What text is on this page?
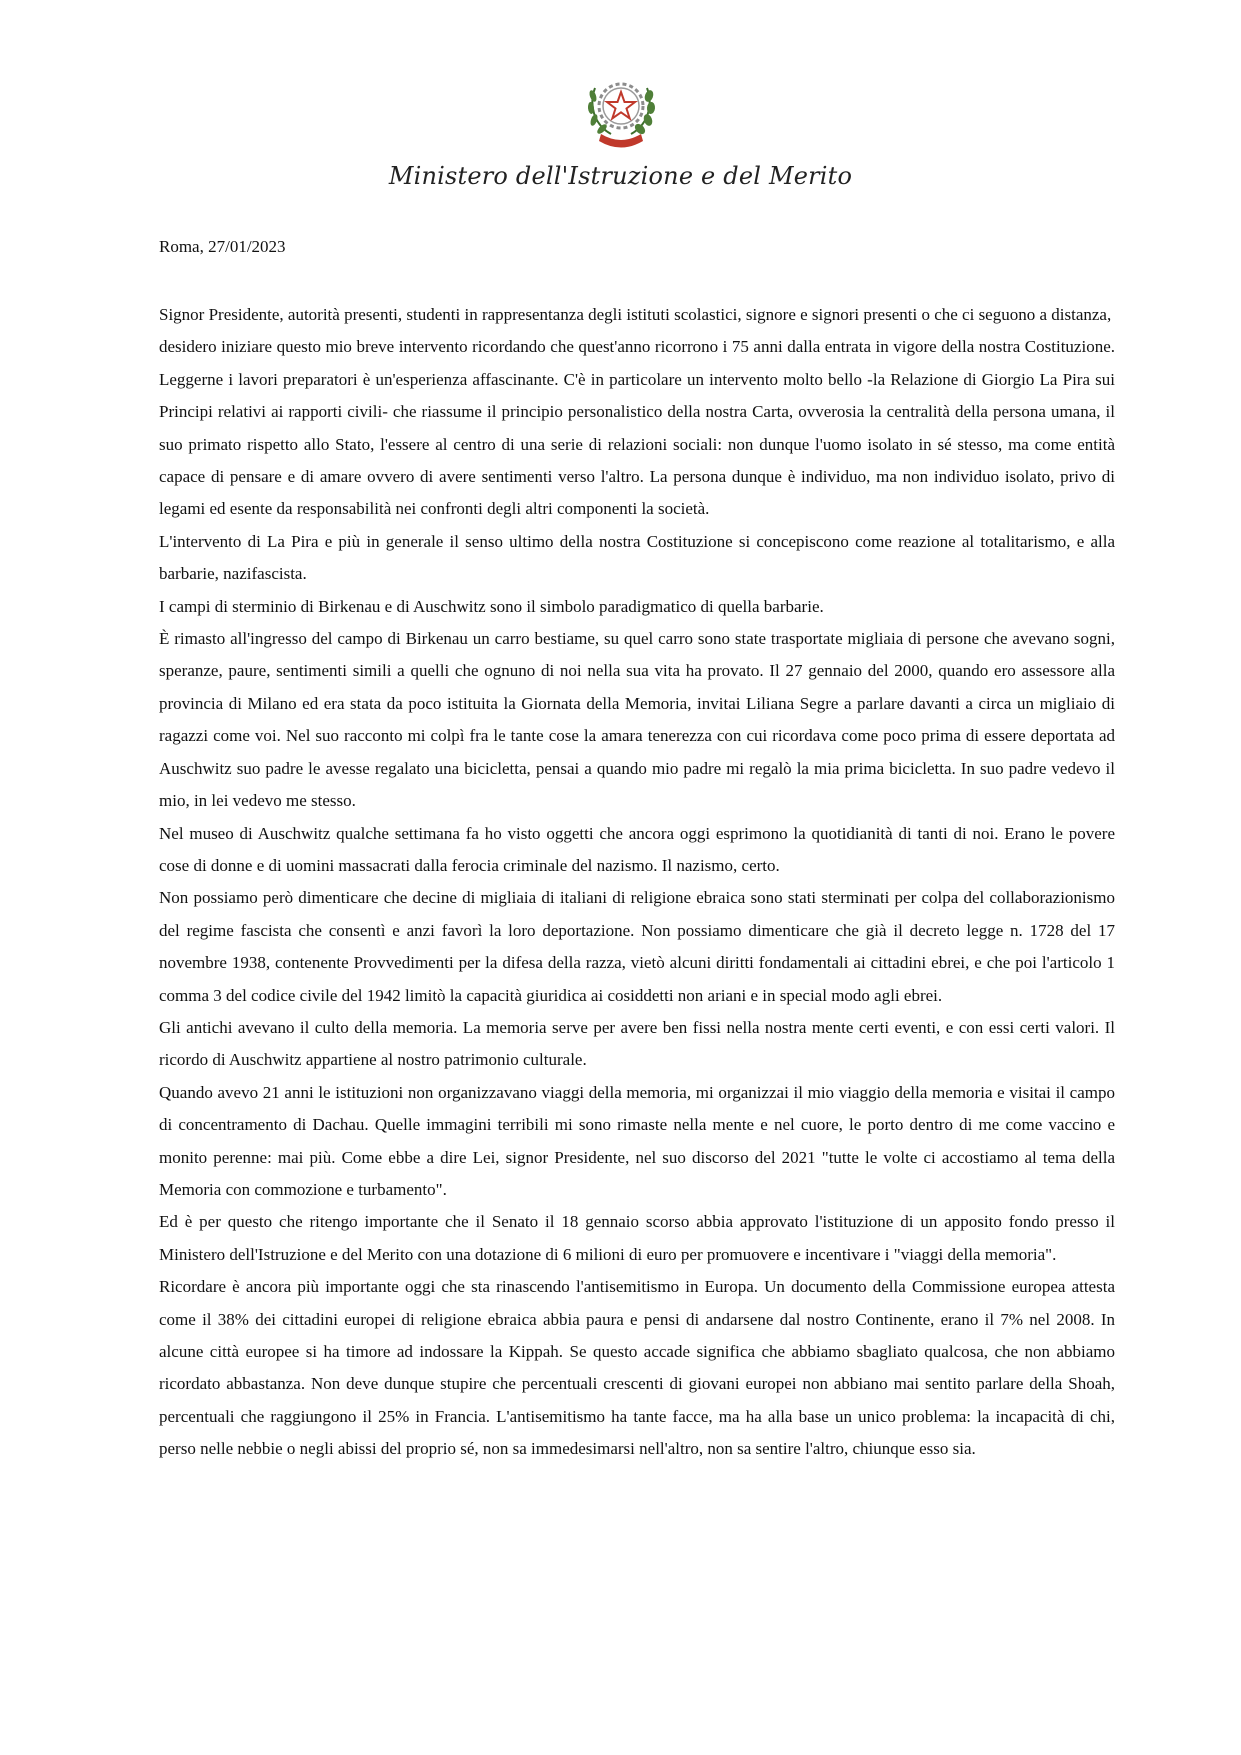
Ministero dell'Istruzione e del Merito
Roma, 27/01/2023

Signor Presidente, autorità presenti, studenti in rappresentanza degli istituti scolastici, signore e signori presenti o che ci seguono a distanza,

desidero iniziare questo mio breve intervento ricordando che quest'anno ricorrono i 75 anni dalla entrata in vigore della nostra Costituzione. Leggerne i lavori preparatori è un'esperienza affascinante. C'è in particolare un intervento molto bello -la Relazione di Giorgio La Pira sui Principi relativi ai rapporti civili- che riassume il principio personalistico della nostra Carta, ovverosia la centralità della persona umana, il suo primato rispetto allo Stato, l'essere al centro di una serie di relazioni sociali: non dunque l'uomo isolato in sé stesso, ma come entità capace di pensare e di amare ovvero di avere sentimenti verso l'altro. La persona dunque è individuo, ma non individuo isolato, privo di legami ed esente da responsabilità nei confronti degli altri componenti la società.

L'intervento di La Pira e più in generale il senso ultimo della nostra Costituzione si concepiscono come reazione al totalitarismo, e alla barbarie, nazifascista.

I campi di sterminio di Birkenau e di Auschwitz sono il simbolo paradigmatico di quella barbarie.

È rimasto all'ingresso del campo di Birkenau un carro bestiame, su quel carro sono state trasportate migliaia di persone che avevano sogni, speranze, paure, sentimenti simili a quelli che ognuno di noi nella sua vita ha provato. Il 27 gennaio del 2000, quando ero assessore alla provincia di Milano ed era stata da poco istituita la Giornata della Memoria, invitai Liliana Segre a parlare davanti a circa un migliaio di ragazzi come voi. Nel suo racconto mi colpì fra le tante cose la amara tenerezza con cui ricordava come poco prima di essere deportata ad Auschwitz suo padre le avesse regalato una bicicletta, pensai a quando mio padre mi regalò la mia prima bicicletta. In suo padre vedevo il mio, in lei vedevo me stesso.

Nel museo di Auschwitz qualche settimana fa ho visto oggetti che ancora oggi esprimono la quotidianità di tanti di noi. Erano le povere cose di donne e di uomini massacrati dalla ferocia criminale del nazismo. Il nazismo, certo.

Non possiamo però dimenticare che decine di migliaia di italiani di religione ebraica sono stati sterminati per colpa del collaborazionismo del regime fascista che consentì e anzi favorì la loro deportazione. Non possiamo dimenticare che già il decreto legge n. 1728 del 17 novembre 1938, contenente Provvedimenti per la difesa della razza, vietò alcuni diritti fondamentali ai cittadini ebrei, e che poi l'articolo 1 comma 3 del codice civile del 1942 limitò la capacità giuridica ai cosiddetti non ariani e in special modo agli ebrei.

Gli antichi avevano il culto della memoria. La memoria serve per avere ben fissi nella nostra mente certi eventi, e con essi certi valori. Il ricordo di Auschwitz appartiene al nostro patrimonio culturale.

Quando avevo 21 anni le istituzioni non organizzavano viaggi della memoria, mi organizzai il mio viaggio della memoria e visitai il campo di concentramento di Dachau. Quelle immagini terribili mi sono rimaste nella mente e nel cuore, le porto dentro di me come vaccino e monito perenne: mai più. Come ebbe a dire Lei, signor Presidente, nel suo discorso del 2021 "tutte le volte ci accostiamo al tema della Memoria con commozione e turbamento".

Ed è per questo che ritengo importante che il Senato il 18 gennaio scorso abbia approvato l'istituzione di un apposito fondo presso il Ministero dell'Istruzione e del Merito con una dotazione di 6 milioni di euro per promuovere e incentivare i "viaggi della memoria".

Ricordare è ancora più importante oggi che sta rinascendo l'antisemitismo in Europa. Un documento della Commissione europea attesta come il 38% dei cittadini europei di religione ebraica abbia paura e pensi di andarsene dal nostro Continente, erano il 7% nel 2008. In alcune città europee si ha timore ad indossare la Kippah. Se questo accade significa che abbiamo sbagliato qualcosa, che non abbiamo ricordato abbastanza. Non deve dunque stupire che percentuali crescenti di giovani europei non abbiano mai sentito parlare della Shoah, percentuali che raggiungono il 25% in Francia. L'antisemitismo ha tante facce, ma ha alla base un unico problema: la incapacità di chi, perso nelle nebbie o negli abissi del proprio sé, non sa immedesimarsi nell'altro, non sa sentire l'altro, chiunque esso sia.
